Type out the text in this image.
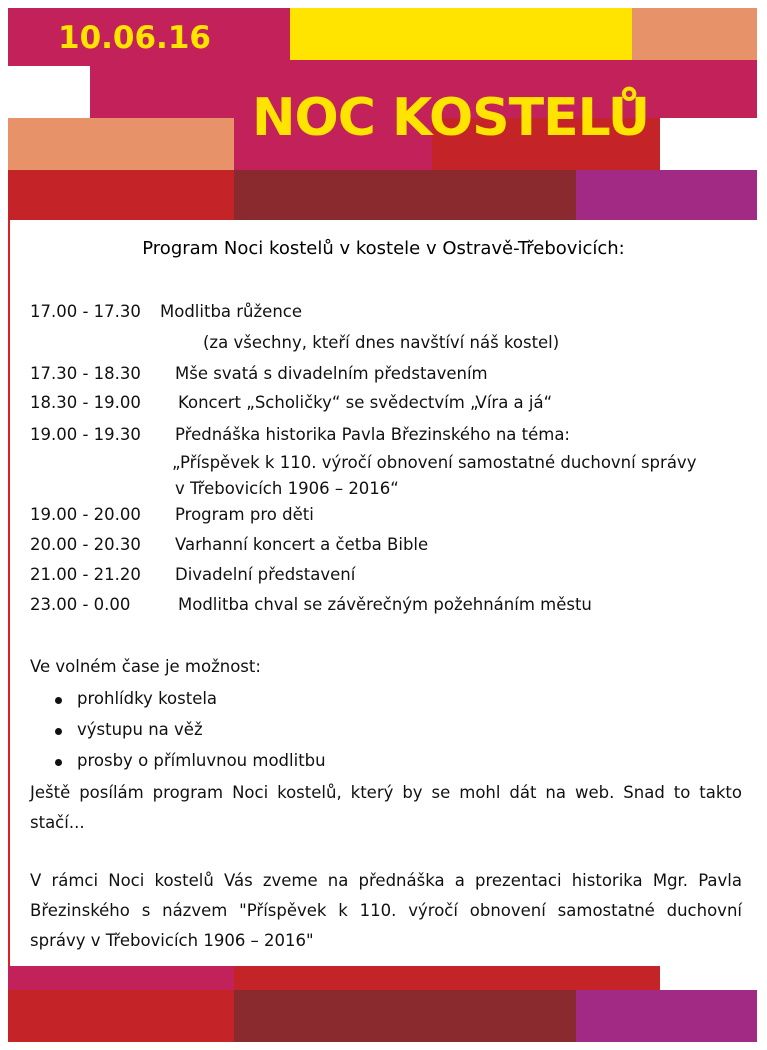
10.06.16
NOC KOSTELŮ
Program Noci kostelů v kostele v Ostravě-Třebovicích:
17.00 - 17.30 Modlitba růžence
(za všechny, kteří dnes navštíví náš kostel)
17.30 - 18.30 Mše svatá s divadelním představením
18.30 - 19.00 Koncert „Scholičky“ se svědectvím „Víra a já“
19.00 - 19.30 Přednáška historika Pavla Březinského na téma:
„Příspěvek k 110. výročí obnovení samostatné duchovní správy
v Třebovicích 1906 – 2016“
19.00 - 20.00 Program pro děti
20.00 - 20.30 Varhanní koncert a četba Bible
21.00 - 21.20 Divadelní představení
23.00 - 0.00	Modlitba chval se závěrečným požehnáním městu
Ve volném čase je možnost:
prohlídky kostela
výstupu na věž
prosby o přímluvnou modlitbu
Ještě posílám program Noci kostelů, který by se mohl dát na web. Snad to takto
stačí...
V rámci Noci kostelů Vás zveme na přednáška a prezentaci historika Mgr. Pavla
Březinského s názvem "Příspěvek k 110. výročí obnovení samostatné duchovní
správy v Třebovicích 1906 – 2016"
